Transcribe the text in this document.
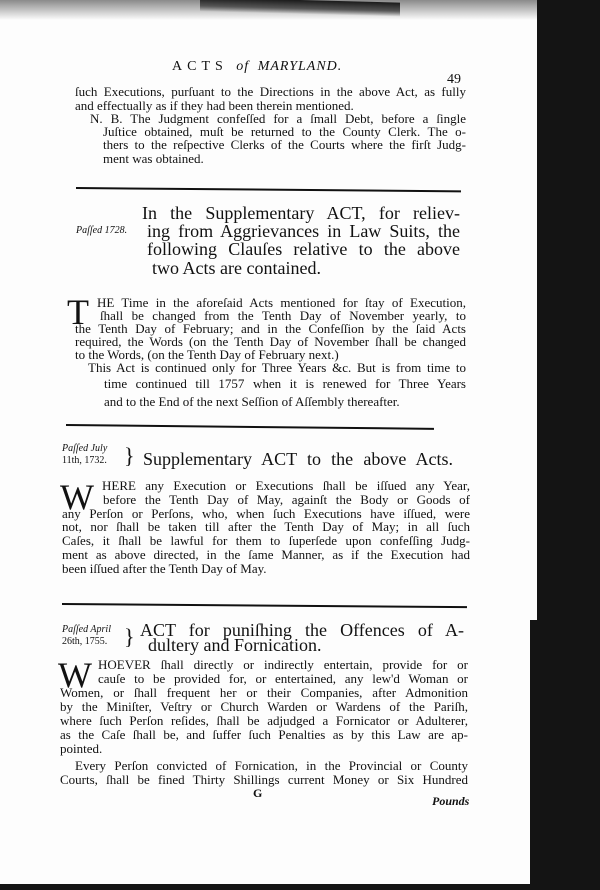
ACTS of MARYLAND.
49
ſuch Executions, purſuant to the Directions in the above Act, as fully
and effectually as if they had been therein mentioned.
N. B. The Judgment confeſſed for a ſmall Debt, before a ſingle
Juſtice obtained, muſt be returned to the County Clerk. The o-
thers to the reſpective Clerks of the Courts where the firſt Judg-
ment was obtained.
In the Supplementary ACT, for reliev-
ing from Aggrievances in Law Suits, the
following Clauſes relative to the above
two Acts are contained.
HE Time in the aforeſaid Acts mentioned for ſtay of Execution,
ſhall be changed from the Tenth Day of November yearly, to
the Tenth Day of February; and in the Confeſſion by the ſaid Acts
required, the Words (on the Tenth Day of November ſhall be changed
to the Words, (on the Tenth Day of February next.)
This Act is continued only for Three Years &c. But is from time to
time continued till 1757 when it is renewed for Three Years
and to the End of the next Seſſion of Aſſembly thereafter.
HERE any Execution or Executions ſhall be iſſued any Year,
before the Tenth Day of May, againſt the Body or Goods of
any Perſon or Perſons, who, when ſuch Executions have iſſued, were
not, nor ſhall be taken till after the Tenth Day of May; in all ſuch
Caſes, it ſhall be lawful for them to ſuperſede upon confeſſing Judg-
ment as above directed, in the ſame Manner, as if the Execution had
been iſſued after the Tenth Day of May.
ACT for puniſhing the Offences of A-
dultery and Fornication.
HOEVER ſhall directly or indirectly entertain, provide for or
cauſe to be provided for, or entertained, any lew'd Woman or
Women, or ſhall frequent her or their Companies, after Admonition
by the Miniſter, Veſtry or Church Warden or Wardens of the Pariſh,
where ſuch Perſon reſides, ſhall be adjudged a Fornicator or Adulterer,
as the Caſe ſhall be, and ſuffer ſuch Penalties as by this Law are ap-
pointed.
Every Perſon convicted of Fornication, in the Provincial or County
Courts, ſhall be fined Thirty Shillings current Money or Six Hundred
Paſſed 1728.
T
Paſſed July
11th, 1732. } Supplementary ACT to the above Acts.
W
Paſſed April
26th, 1755. }
W
G
Pounds
